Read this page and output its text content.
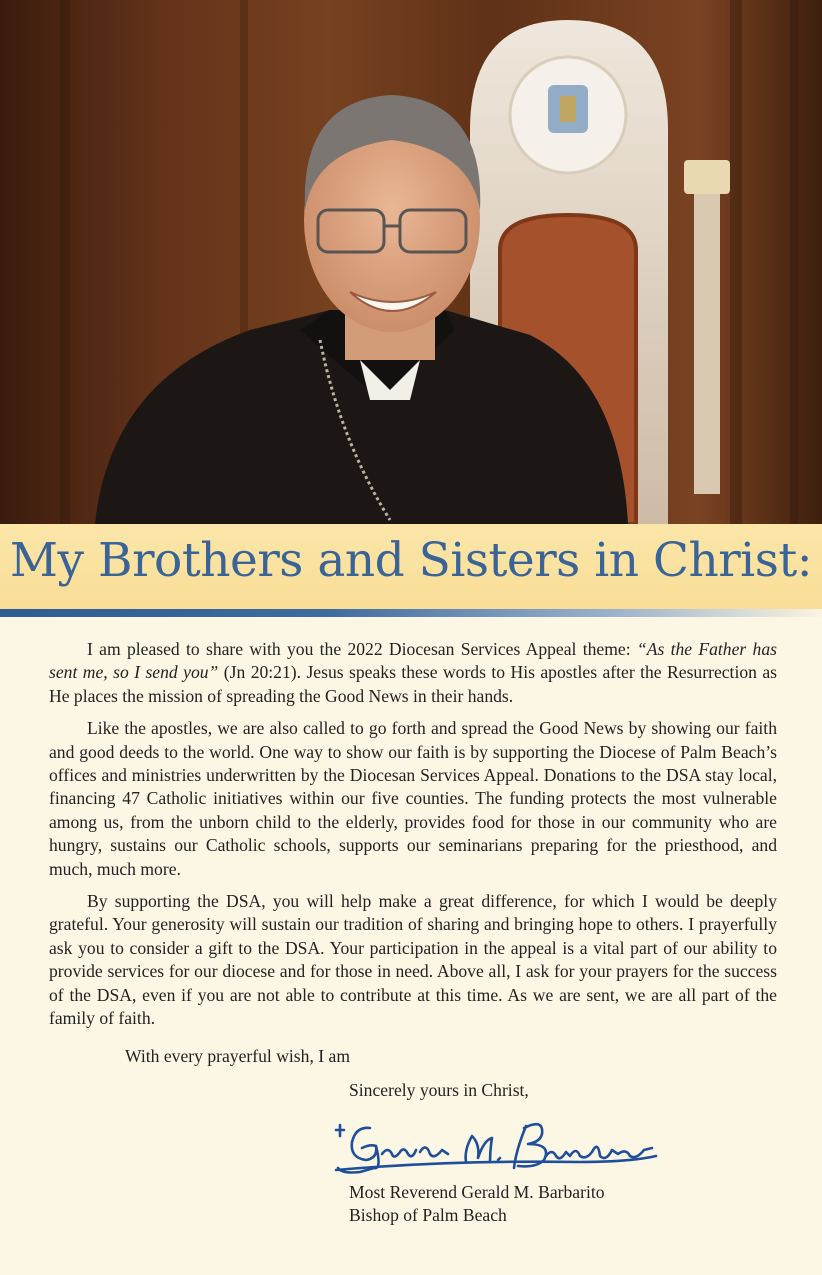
My Brothers and Sisters in Christ:

I am pleased to share with you the 2022 Diocesan Services Appeal theme: “As the Father has sent me, so I send you” (Jn 20:21). Jesus speaks these words to His apostles after the Resurrection as He places the mission of spreading the Good News in their hands.

Like the apostles, we are also called to go forth and spread the Good News by showing our faith and good deeds to the world. One way to show our faith is by supporting the Diocese of Palm Beach’s offices and ministries underwritten by the Diocesan Services Appeal. Donations to the DSA stay local, financing 47 Catholic initiatives within our five counties. The funding protects the most vulnerable among us, from the unborn child to the elderly, provides food for those in our community who are hungry, sustains our Catholic schools, supports our seminarians preparing for the priesthood, and much, much more.

By supporting the DSA, you will help make a great difference, for which I would be deeply grateful. Your generosity will sustain our tradition of sharing and bringing hope to others. I prayerfully ask you to consider a gift to the DSA. Your participation in the appeal is a vital part of our ability to provide services for our diocese and for those in need. Above all, I ask for your prayers for the success of the DSA, even if you are not able to contribute at this time. As we are sent, we are all part of the family of faith.

With every prayerful wish, I am
Sincerely yours in Christ,
Most Reverend Gerald M. Barbarito
Bishop of Palm Beach
